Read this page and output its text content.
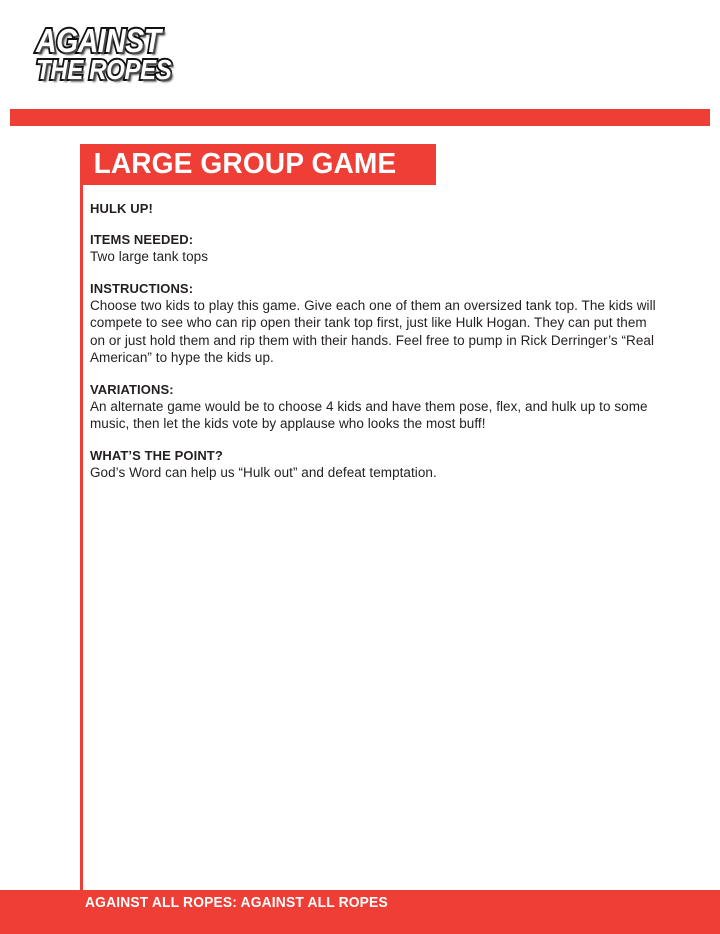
AGAINST
THE ROPES
LARGE GROUP GAME
HULK UP!
ITEMS NEEDED:
Two large tank tops
INSTRUCTIONS:
Choose two kids to play this game. Give each one of them an oversized tank top. The kids will compete to see who can rip open their tank top first, just like Hulk Hogan. They can put them on or just hold them and rip them with their hands. Feel free to pump in Rick Derringer’s “Real American” to hype the kids up.
VARIATIONS:
An alternate game would be to choose 4 kids and have them pose, flex, and hulk up to some music, then let the kids vote by applause who looks the most buff!
WHAT’S THE POINT?
God’s Word can help us “Hulk out” and defeat temptation.
AGAINST ALL ROPES: AGAINST ALL ROPES
